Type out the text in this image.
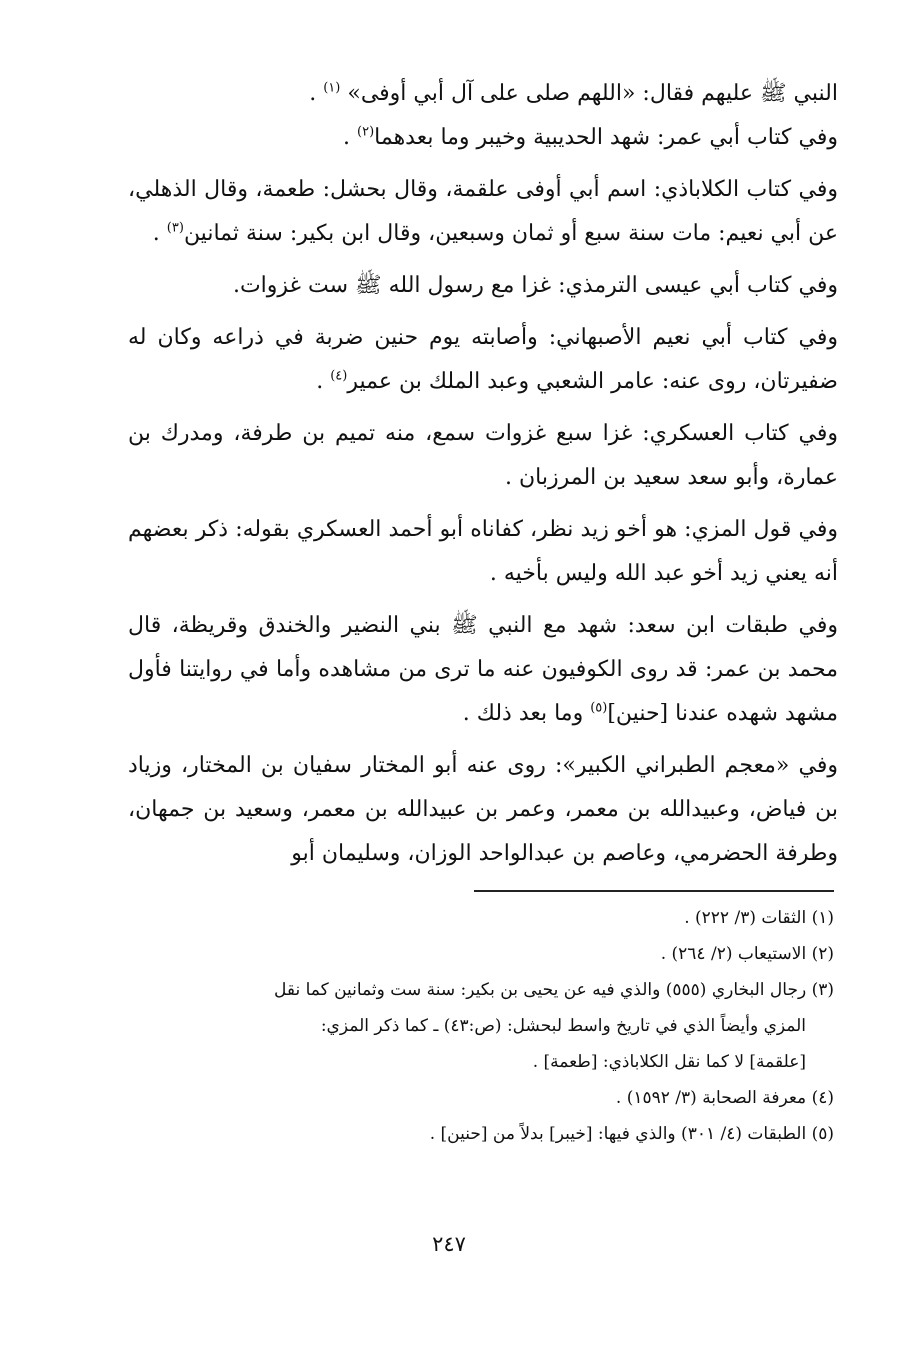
النبي ﷺ عليهم فقال: «اللهم صلى على آل أبي أوفى» $^{(١)}$ .

وفي كتاب أبي عمر: شهد الحديبية وخيبر وما بعدهما$^{(٢)}$ .

وفي كتاب الكلاباذي: اسم أبي أوفى علقمة، وقال بحشل: طعمة، وقال الذهلي، عن أبي نعيم: مات سنة سبع أو ثمان وسبعين، وقال ابن بكير: سنة ثمانين$^{(٣)}$ .

وفي كتاب أبي عيسى الترمذي: غزا مع رسول الله ﷺ ست غزوات.

وفي كتاب أبي نعيم الأصبهاني: وأصابته يوم حنين ضربة في ذراعه وكان له ضفيرتان، روى عنه: عامر الشعبي وعبد الملك بن عمير$^{(٤)}$ .

وفي كتاب العسكري: غزا سبع غزوات سمع، منه تميم بن طرفة، ومدرك بن عمارة، وأبو سعد سعيد بن المرزبان .

وفي قول المزي: هو أخو زيد نظر، كفاناه أبو أحمد العسكري بقوله: ذكر بعضهم أنه يعني زيد أخو عبد الله وليس بأخيه .

وفي طبقات ابن سعد: شهد مع النبي ﷺ بني النضير والخندق وقريظة، قال محمد بن عمر: قد روى الكوفيون عنه ما ترى من مشاهده وأما في روايتنا فأول مشهد شهده عندنا [حنين]$^{(٥)}$ وما بعد ذلك .

وفي «معجم الطبراني الكبير»: روى عنه أبو المختار سفيان بن المختار، وزياد بن فياض، وعبيدالله بن معمر، وعمر بن عبيدالله بن معمر، وسعيد بن جمهان، وطرفة الحضرمي، وعاصم بن عبدالواحد الوزان، وسليمان أبو

(١) الثقات (٣/ ٢٢٢) .

(٢) الاستيعاب (٢/ ٢٦٤) .

(٣) رجال البخاري (٥٥٥) والذي فيه عن يحيى بن بكير: سنة ست وثمانين كما نقل

المزي وأيضاً الذي في تاريخ واسط لبحشل: (ص:٤٣) ـ كما ذكر المزي:

[علقمة] لا كما نقل الكلاباذي: [طعمة] .

(٤) معرفة الصحابة (٣/ ١٥٩٢) .

(٥) الطبقات (٤/ ٣٠١) والذي فيها: [خيبر] بدلاً من [حنين] .

٢٤٧
